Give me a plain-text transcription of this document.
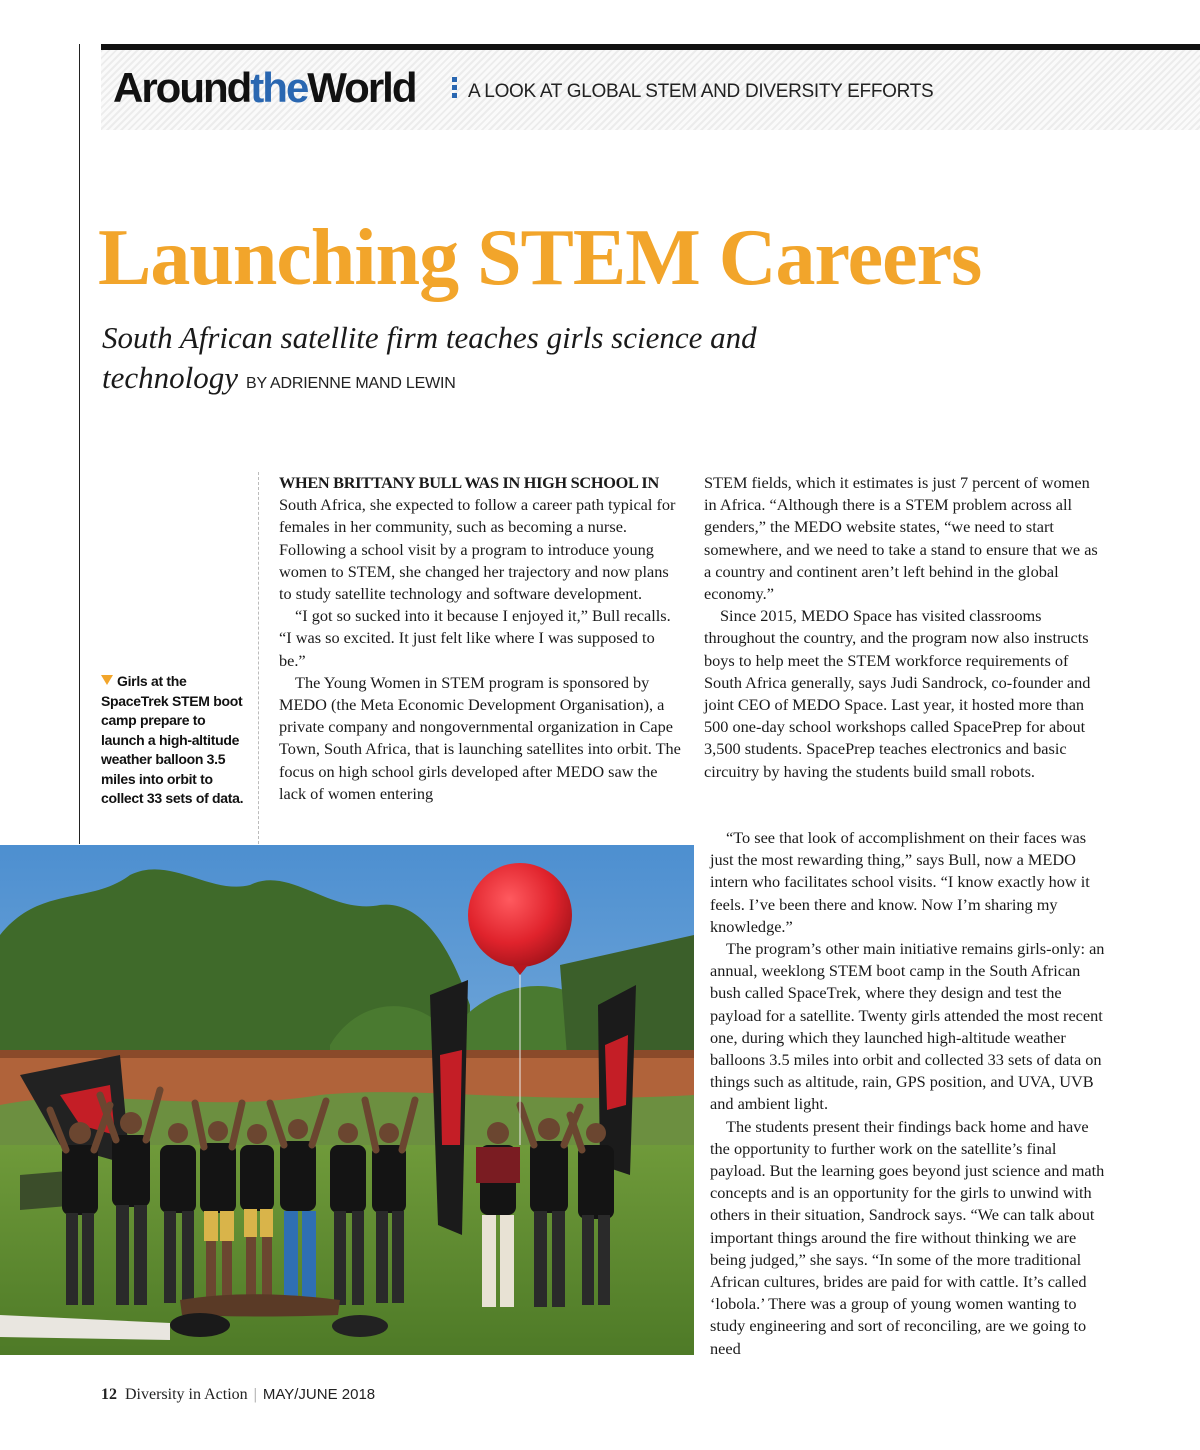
AroundtheWorld	A LOOK AT GLOBAL STEM AND DIVERSITY EFFORTS
Launching STEM Careers

South African satellite firm teaches girls science and technology BY ADRIENNE MAND LEWIN

Girls at the SpaceTrek STEM boot camp prepare to launch a high-altitude weather balloon 3.5 miles into orbit to collect 33 sets of data.

WHEN BRITTANY BULL WAS IN HIGH SCHOOL IN
South Africa, she expected to follow a career path typical for females in her community, such as becoming a nurse. Following a school visit by a program to introduce young women to STEM, she changed her trajectory and now plans to study satellite technology and software development.

“I got so sucked into it because I enjoyed it,” Bull recalls. “I was so excited. It just felt like where I was supposed to be.”

The Young Women in STEM program is sponsored by MEDO (the Meta Economic Development Organisation), a private company and nongovernmental organization in Cape Town, South Africa, that is launching satellites into orbit. The focus on high school girls developed after MEDO saw the lack of women entering

STEM fields, which it estimates is just 7 percent of women in Africa. “Although there is a STEM problem across all genders,” the MEDO website states, “we need to start somewhere, and we need to take a stand to ensure that we as a country and continent aren’t left behind in the global economy.”

Since 2015, MEDO Space has visited classrooms throughout the country, and the program now also instructs boys to help meet the STEM workforce requirements of South Africa generally, says Judi Sandrock, co-founder and joint CEO of MEDO Space. Last year, it hosted more than 500 one-day school workshops called SpacePrep for about 3,500 students. SpacePrep teaches electronics and basic circuitry by having the students build small robots.

“To see that look of accomplishment on their faces was just the most rewarding thing,” says Bull, now a MEDO intern who facilitates school visits. “I know exactly how it feels. I’ve been there and know. Now I’m sharing my knowledge.”

The program’s other main initiative remains girls-only: an annual, weeklong STEM boot camp in the South African bush called SpaceTrek, where they design and test the payload for a satellite. Twenty girls attended the most recent one, during which they launched high-altitude weather balloons 3.5 miles into orbit and collected 33 sets of data on things such as altitude, rain, GPS position, and UVA, UVB and ambient light.

The students present their findings back home and have the opportunity to further work on the satellite’s final payload. But the learning goes beyond just science and math concepts and is an opportunity for the girls to unwind with others in their situation, Sandrock says. “We can talk about important things around the fire without thinking we are being judged,” she says. “In some of the more traditional African cultures, brides are paid for with cattle. It’s called ‘lobola.’ There was a group of young women wanting to study engineering and sort of reconciling, are we going to need

12 Diversity in Action | MAY/JUNE 2018
